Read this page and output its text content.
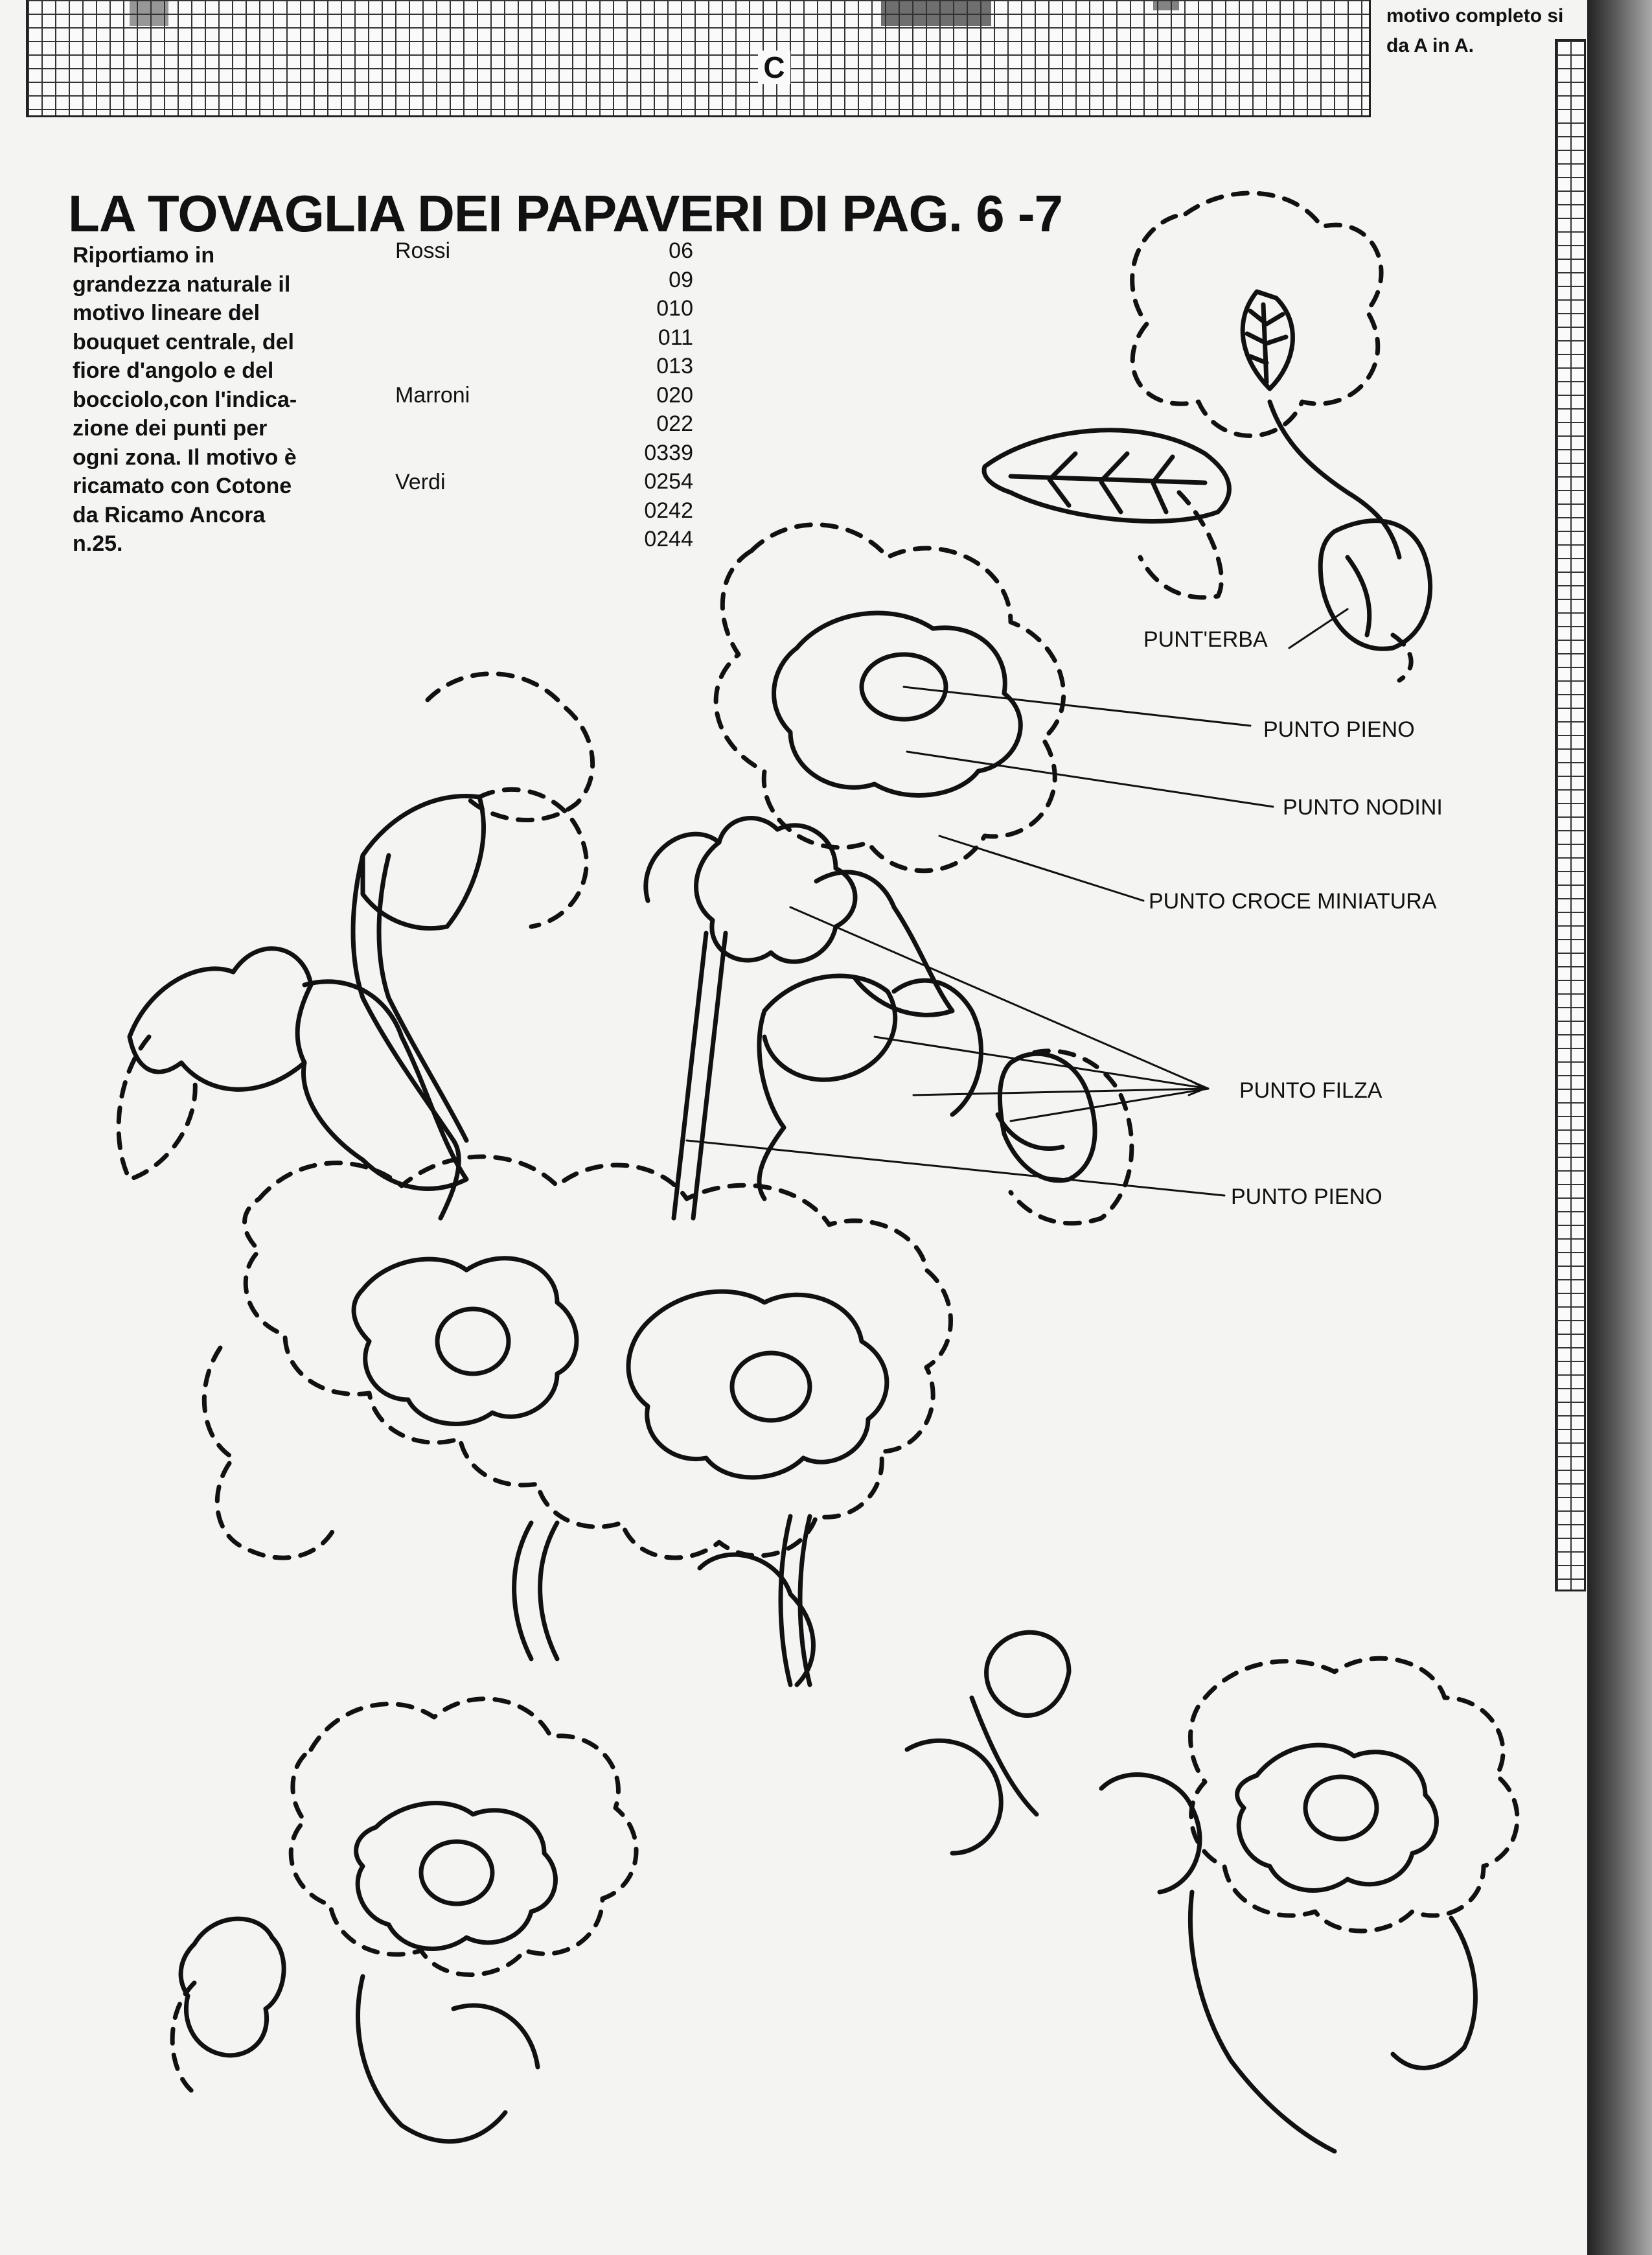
C
motivo completo si
da A in A.
LA TOVAGLIA DEI PAPAVERI DI PAG. 6 -7
Riportiamo in
grandezza naturale il
motivo lineare del
bouquet centrale, del
fiore d'angolo e del
bocciolo,con l'indica-
zione dei punti per
ogni zona. Il motivo è
ricamato con Cotone
da Ricamo Ancora
n.25.
Rossi
Marroni
Verdi
06
09
010
011
013
020
022
0339
0254
0242
0244
PUNT'ERBA
PUNTO PIENO
PUNTO NODINI
PUNTO CROCE MINIATURA
PUNTO FILZA
PUNTO PIENO
